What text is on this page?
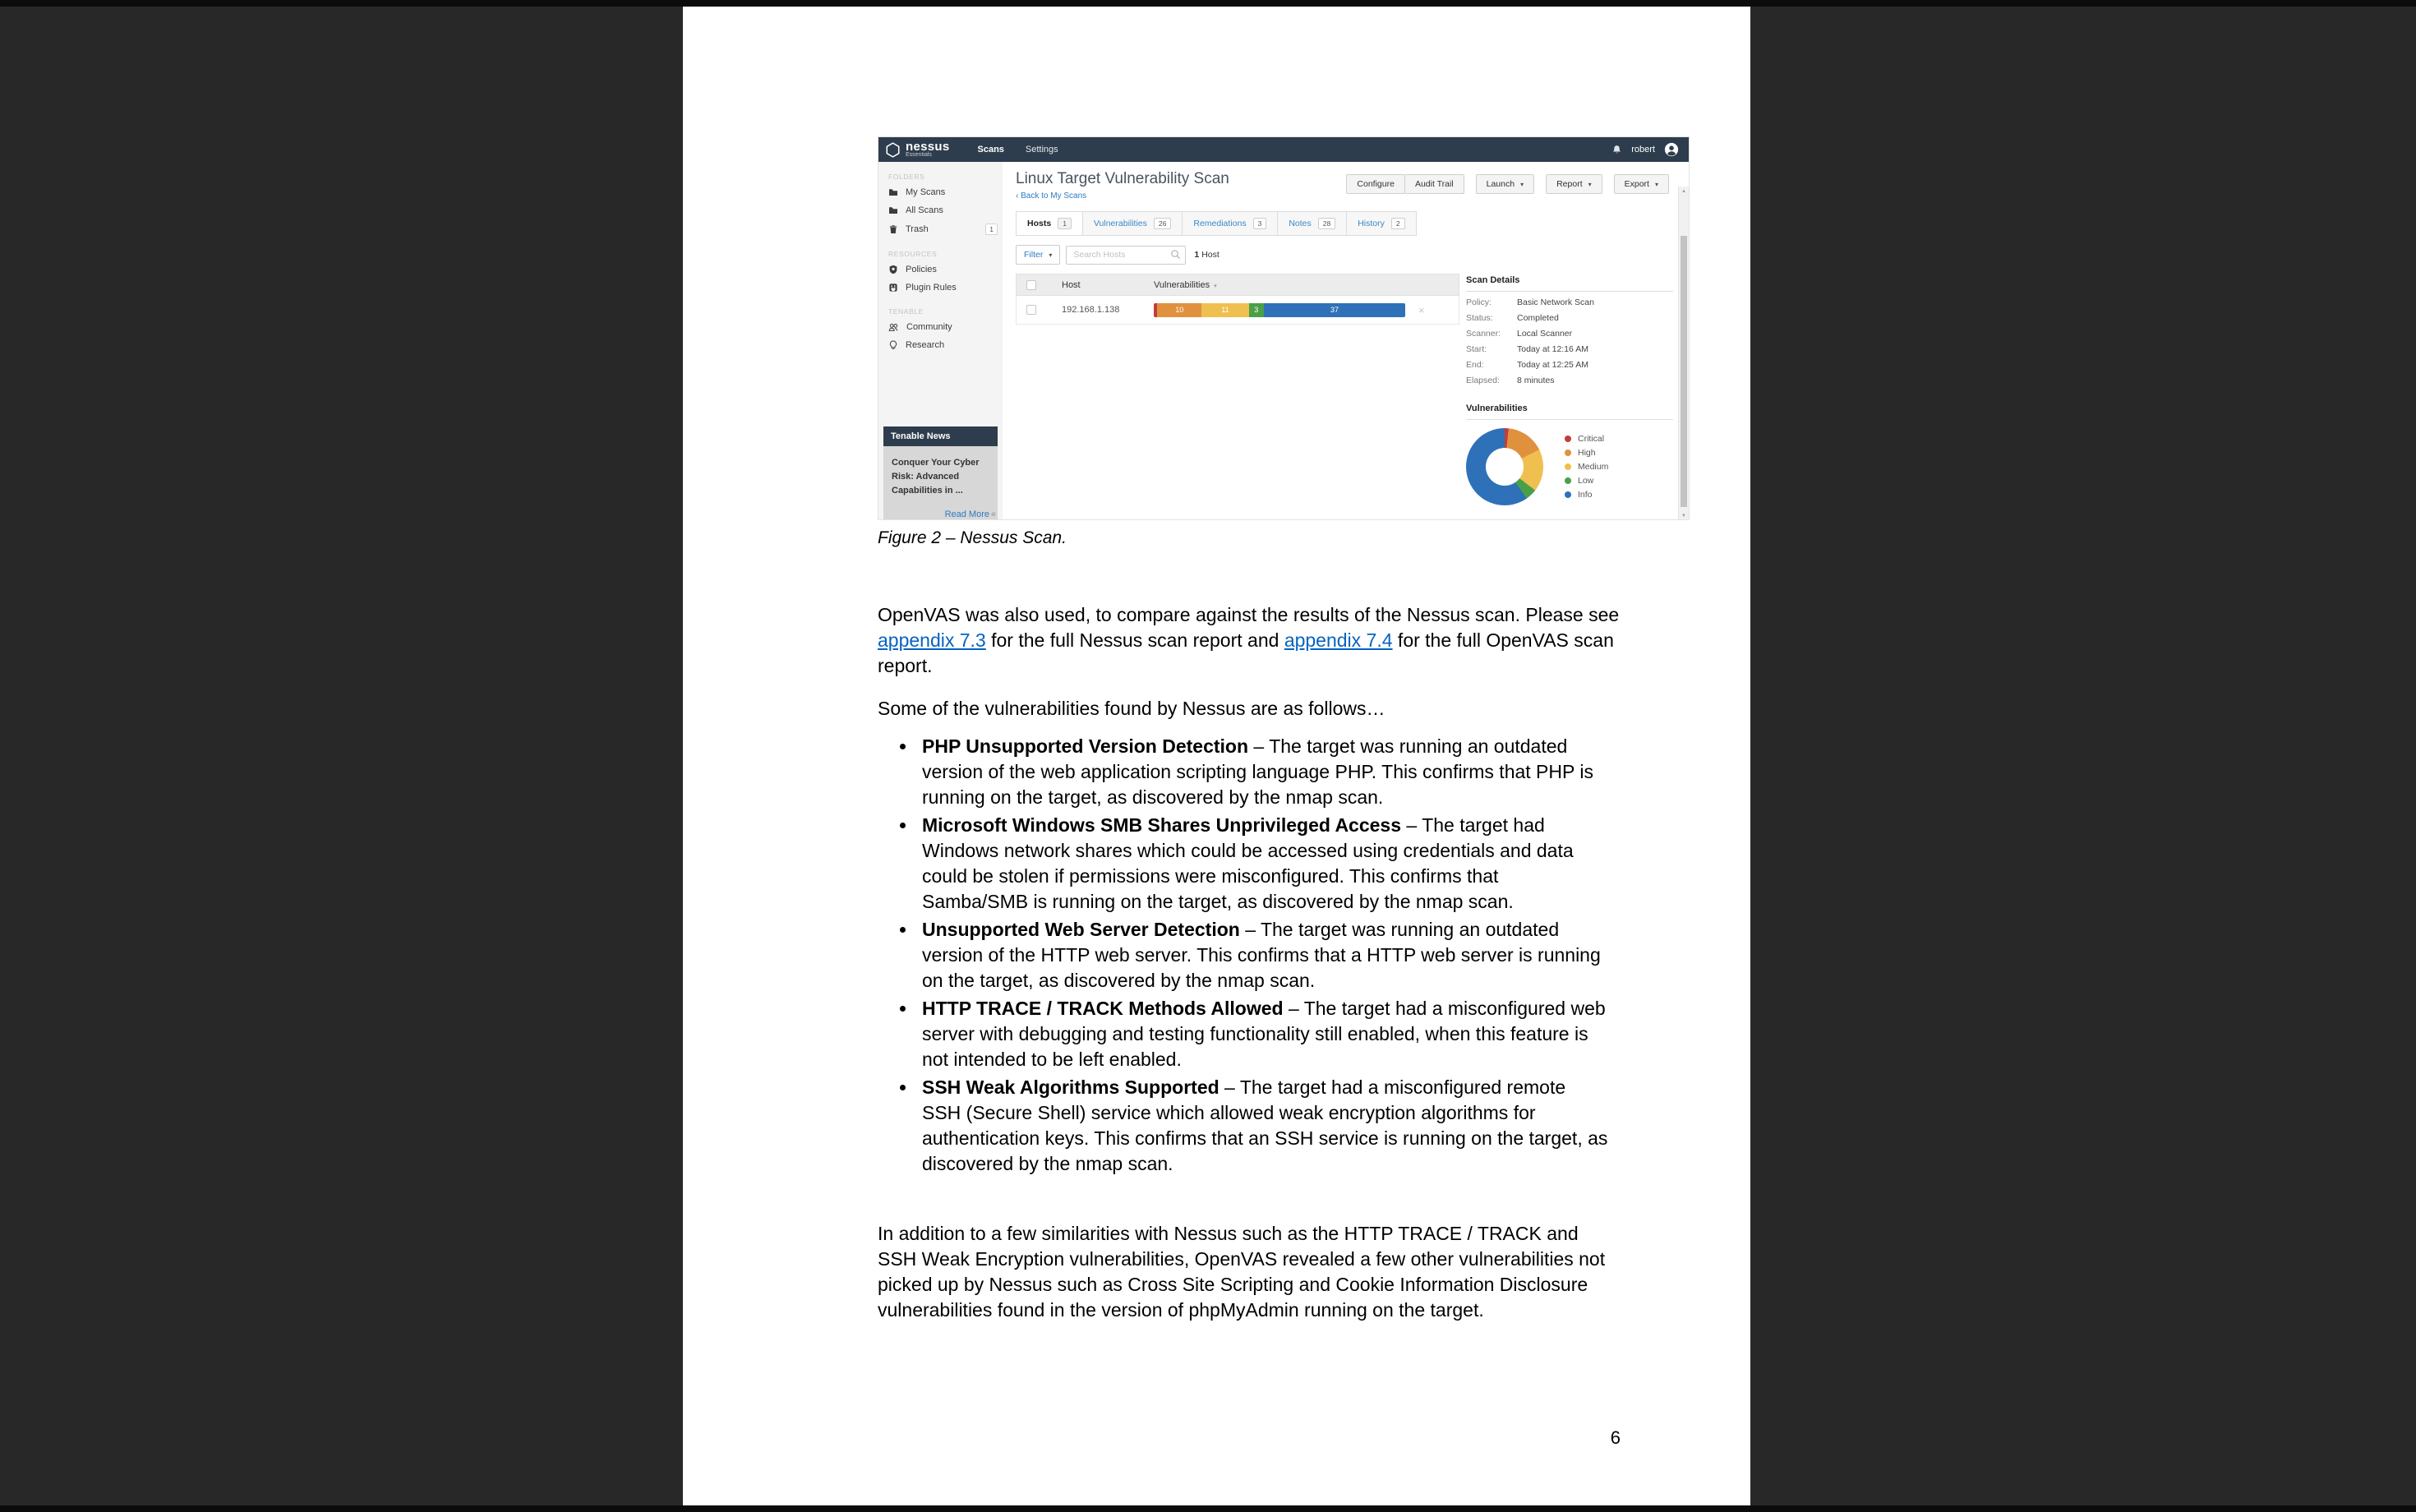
nessus
Essentials
Scans Settings	robert
FOLDERS
My Scans
All Scans
Trash	1
RESOURCES
Policies
Plugin Rules
TENABLE
Community
Research
Tenable News
Conquer Your Cyber Risk: Advanced Capabilities in ...
Read More «
Linux Target Vulnerability Scan
‹ Back to My Scans
Configure	Audit Trail	Launch ▾	Report ▾	Export ▾
Hosts	1	Vulnerabilities	26	Remediations	3	Notes	28	History	2
Filter ▾
Search Hosts	1 Host
Host	Vulnerabilities ▾
192.168.1.138	10	11	3	37	×
Scan Details
Policy:	Basic Network Scan
Status:	Completed
Scanner:	Local Scanner
Start:	Today at 12:16 AM
End:	Today at 12:25 AM
Elapsed:	8 minutes
Vulnerabilities
Critical
High
Medium
Low
Info
▲
▼

Figure 2 – Nessus Scan.

OpenVAS was also used, to compare against the results of the Nessus scan. Please see appendix 7.3 for the full Nessus scan report and appendix 7.4 for the full OpenVAS scan report.

Some of the vulnerabilities found by Nessus are as follows…

• PHP Unsupported Version Detection – The target was running an outdated version of the web application scripting language PHP. This confirms that PHP is running on the target, as discovered by the nmap scan.
• Microsoft Windows SMB Shares Unprivileged Access – The target had Windows network shares which could be accessed using credentials and data could be stolen if permissions were misconfigured. This confirms that Samba/SMB is running on the target, as discovered by the nmap scan.
• Unsupported Web Server Detection – The target was running an outdated version of the HTTP web server. This confirms that a HTTP web server is running on the target, as discovered by the nmap scan.
• HTTP TRACE / TRACK Methods Allowed – The target had a misconfigured web server with debugging and testing functionality still enabled, when this feature is not intended to be left enabled.
• SSH Weak Algorithms Supported – The target had a misconfigured remote SSH (Secure Shell) service which allowed weak encryption algorithms for authentication keys. This confirms that an SSH service is running on the target, as discovered by the nmap scan.

In addition to a few similarities with Nessus such as the HTTP TRACE / TRACK and SSH Weak Encryption vulnerabilities, OpenVAS revealed a few other vulnerabilities not picked up by Nessus such as Cross Site Scripting and Cookie Information Disclosure vulnerabilities found in the version of phpMyAdmin running on the target.

6
